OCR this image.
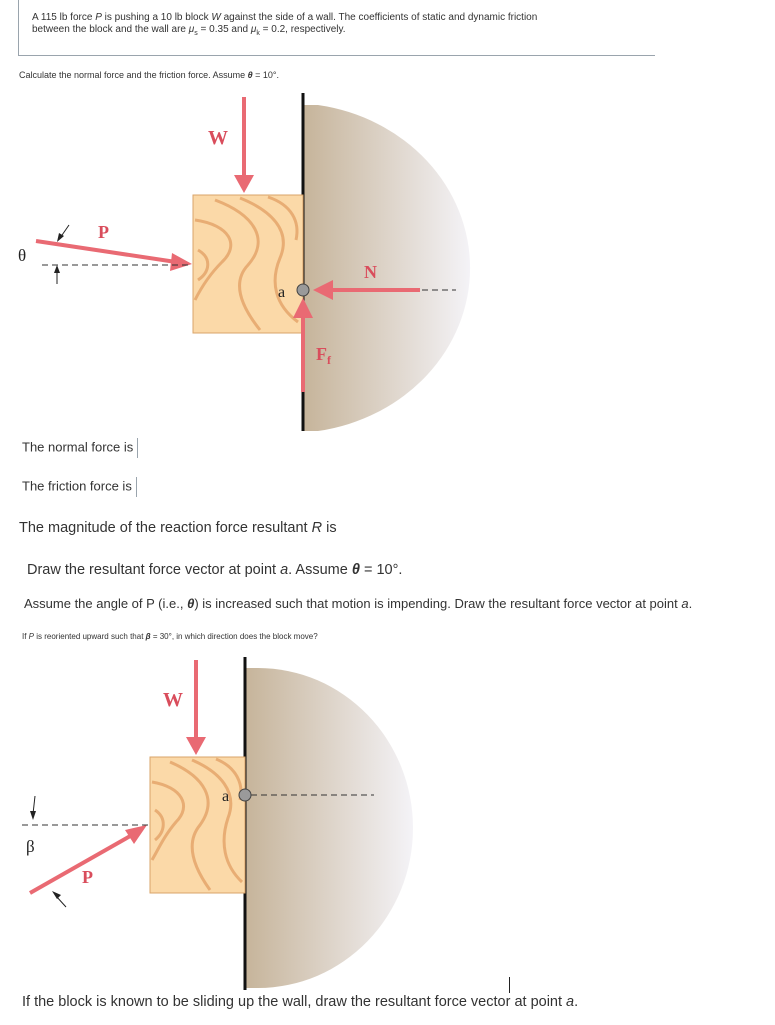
A 115 lb force P is pushing a 10 lb block W against the side of a wall. The coefficients of static and dynamic friction
between the block and the wall are $\mu_s = 0.35$ and $\mu_k = 0.2$, respectively.
Calculate the normal force and the friction force. Assume θ = 10°.
W
P
θ
N
$F_f$
a
The normal force is
The friction force is
The magnitude of the reaction force resultant R is
Draw the resultant force vector at point a. Assume θ = 10°.
Assume the angle of P (i.e., θ) is increased such that motion is impending. Draw the resultant force vector at point a.
If P is reoriented upward such that β = 30°, in which direction does the block move?
W
P
β
a
If the block is known to be sliding up the wall, draw the resultant force vector at point a.
